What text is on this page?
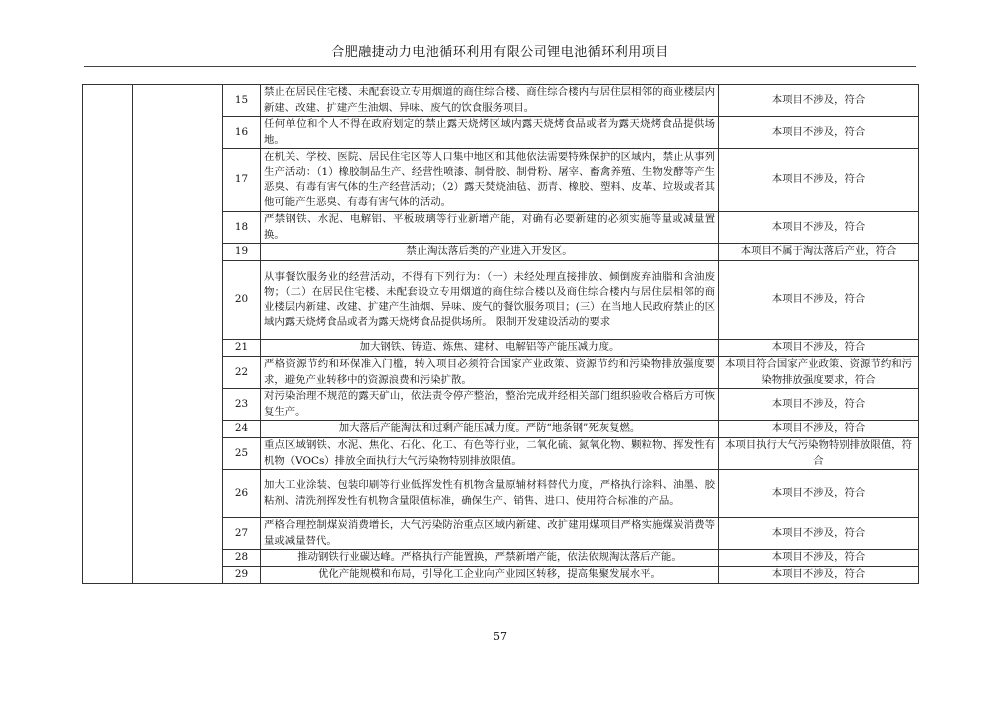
合肥融捷动力电池循环利用有限公司锂电池循环利用项目
		15	禁止在居民住宅楼、未配套设立专用烟道的商住综合楼、商住综合楼内与居住层相邻的商业楼层内新建、改建、扩建产生油烟、异味、废气的饮食服务项目。	本项目不涉及，符合
		16	任何单位和个人不得在政府划定的禁止露天烧烤区域内露天烧烤食品或者为露天烧烤食品提供场地。	本项目不涉及，符合
		17	在机关、学校、医院、居民住宅区等人口集中地区和其他依法需要特殊保护的区域内，禁止从事列生产活动：（1）橡胶制品生产、经营性喷漆、制骨胶、制骨粉、屠宰、畜禽养殖、生物发酵等产生恶臭、有毒有害气体的生产经营活动；（2）露天焚烧油毡、沥青、橡胶、塑料、皮革、垃圾或者其他可能产生恶臭、有毒有害气体的活动。	本项目不涉及，符合
		18	严禁钢铁、水泥、电解铝、平板玻璃等行业新增产能，对确有必要新建的必须实施等量或减量置换。	本项目不涉及，符合
		19	禁止淘汰落后类的产业进入开发区。	本项目不属于淘汰落后产业，符合
		20	从事餐饮服务业的经营活动，不得有下列行为：（一）未经处理直接排放、倾倒废弃油脂和含油废物；（二）在居民住宅楼、未配套设立专用烟道的商住综合楼以及商住综合楼内与居住层相邻的商业楼层内新建、改建、扩建产生油烟、异味、废气的餐饮服务项目；(三）在当地人民政府禁止的区域内露天烧烤食品或者为露天烧烤食品提供场所。 限制开发建设活动的要求	本项目不涉及，符合
		21	加大钢铁、铸造、炼焦、建材、电解铝等产能压减力度。	本项目不涉及，符合
		22	严格资源节约和环保准入门槛，转入项目必须符合国家产业政策、资源节约和污染物排放强度要求，避免产业转移中的资源浪费和污染扩散。	本项目符合国家产业政策、资源节约和污染物排放强度要求，符合
		23	对污染治理不规范的露天矿山，依法责令停产整治，整治完成并经相关部门组织验收合格后方可恢复生产。	本项目不涉及，符合
		24	加大落后产能淘汰和过剩产能压减力度。严防“地条钢”死灰复燃。	本项目不涉及，符合
		25	重点区域钢铁、水泥、焦化、石化、化工、有色等行业，二氧化硫、氮氧化物、颗粒物、挥发性有机物（VOCs）排放全面执行大气污染物特别排放限值。	本项目执行大气污染物特别排放限值，符合
		26	加大工业涂装、包装印刷等行业低挥发性有机物含量原辅材料替代力度，严格执行涂料、油墨、胶粘剂、清洗剂挥发性有机物含量限值标准，确保生产、销售、进口、使用符合标准的产品。	本项目不涉及，符合
		27	严格合理控制煤炭消费增长，大气污染防治重点区域内新建、改扩建用煤项目严格实施煤炭消费等量或减量替代。	本项目不涉及，符合
		28	推动钢铁行业碳达峰。严格执行产能置换，严禁新增产能，依法依规淘汰落后产能。	本项目不涉及，符合
		29	优化产能规模和布局，引导化工企业向产业园区转移，提高集聚发展水平。	本项目不涉及，符合
57
